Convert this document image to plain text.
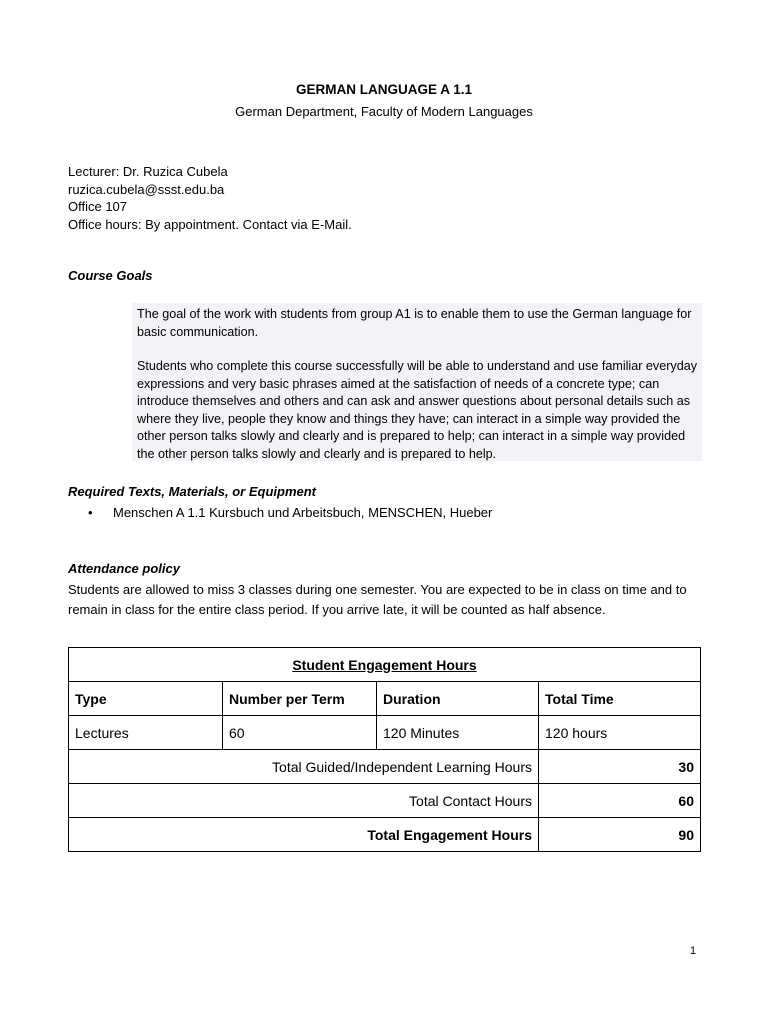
GERMAN LANGUAGE A 1.1
German Department, Faculty of Modern Languages
Lecturer: Dr. Ruzica Cubela
ruzica.cubela@ssst.edu.ba
Office 107
Office hours: By appointment. Contact via E-Mail.
Course Goals

The goal of the work with students from group A1 is to enable them to use the German language for basic communication.

Students who complete this course successfully will be able to understand and use familiar everyday expressions and very basic phrases aimed at the satisfaction of needs of a concrete type; can introduce themselves and others and can ask and answer questions about personal details such as where they live, people they know and things they have; can interact in a simple way provided the other person talks slowly and clearly and is prepared to help; can interact in a simple way provided the other person talks slowly and clearly and is prepared to help.

Required Texts, Materials, or Equipment
•	Menschen A 1.1 Kursbuch und Arbeitsbuch, MENSCHEN, Hueber
Attendance policy
Students are allowed to miss 3 classes during one semester. You are expected to be in class on time and to remain in class for the entire class period. If you arrive late, it will be counted as half absence.
Student Engagement Hours			
Type	Number per Term	Duration	Total Time
Lectures	60	120 Minutes	120 hours
Total Guided/Independent Learning Hours			30
Total Contact Hours			60
Total Engagement Hours			90
1
